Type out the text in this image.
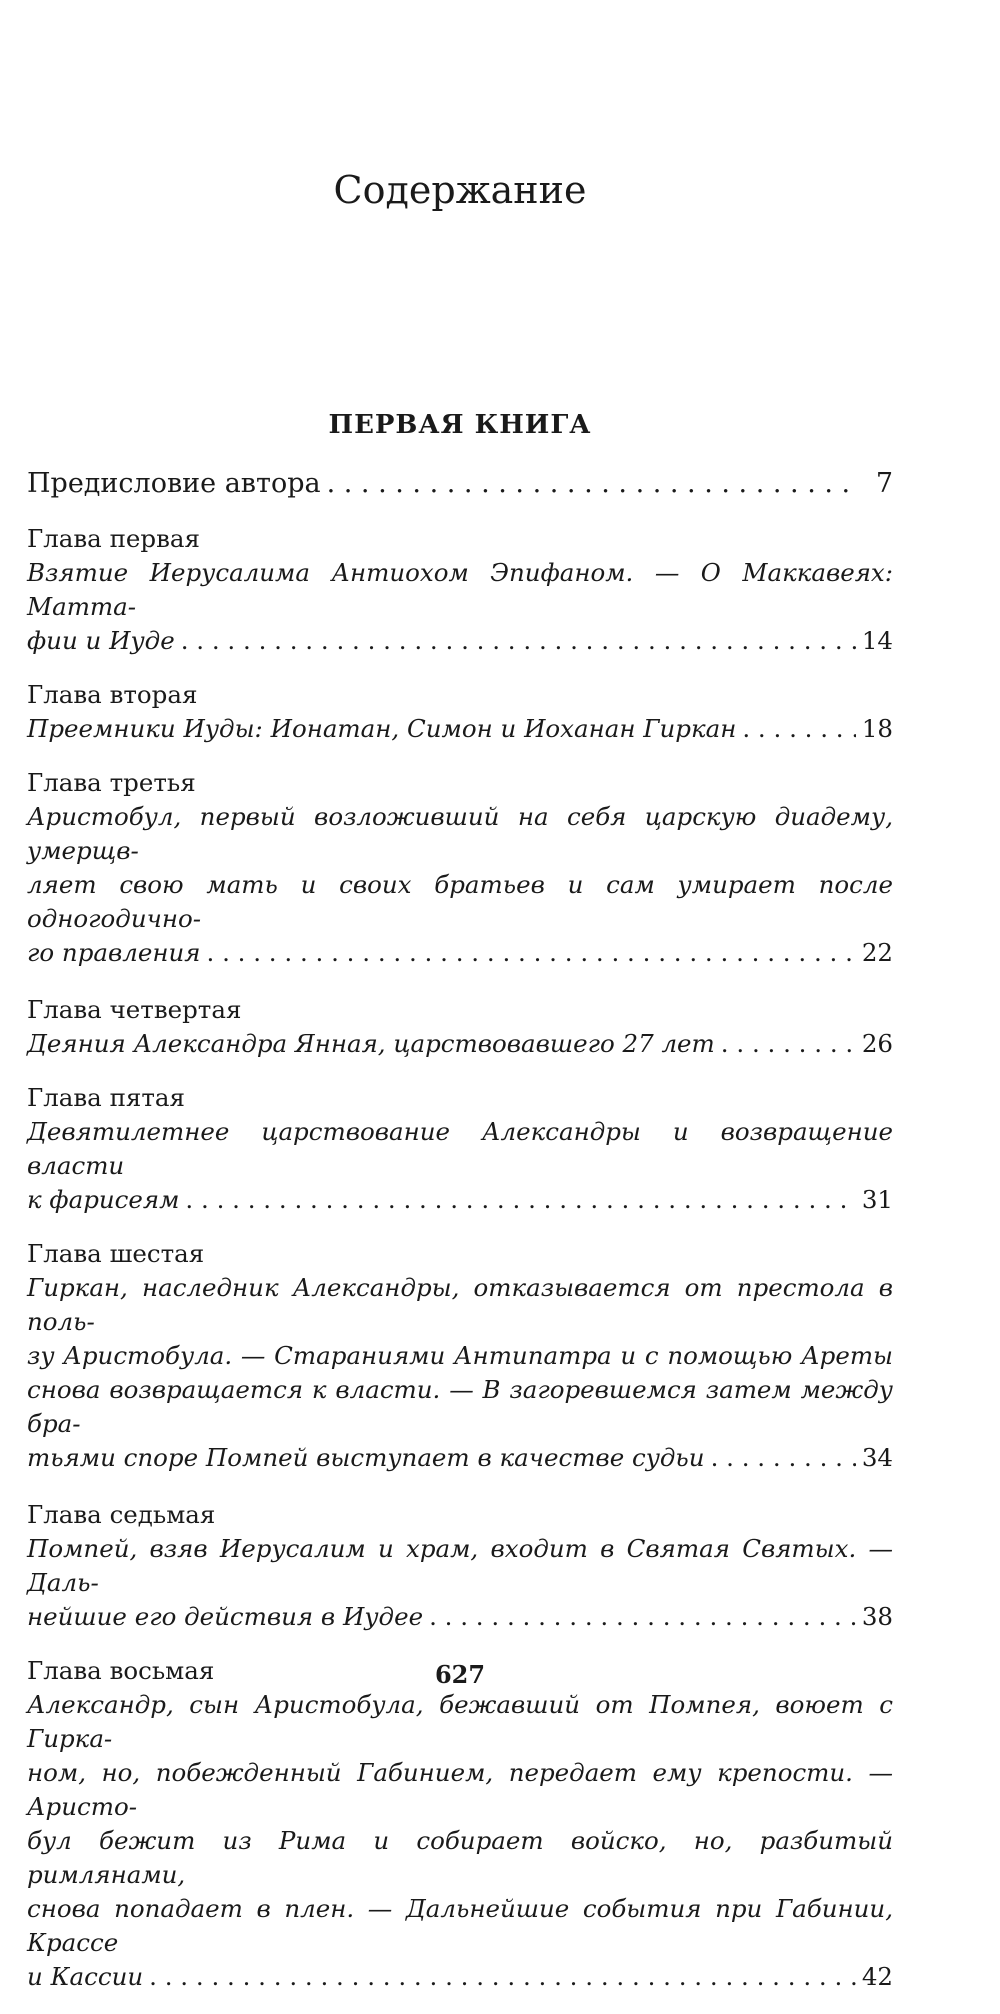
Содержание
ПЕРВАЯ КНИГА
Предисловие автора . . .	7
Глава первая
Взятие Иерусалима Антиохом Эпифаном. — О Маккавеях: Матта-
фии и Иуде . . .	14
Глава вторая
Преемники Иуды: Ионатан, Симон и Иоханан Гиркан . . .	18
Глава третья
Аристобул, первый возложивший на себя царскую диадему, умерщв-
ляет свою мать и своих братьев и сам умирает после одногодично-
го правления . . .	22
Глава четвертая
Деяния Александра Янная, царствовавшего 27 лет . . .	26
Глава пятая
Девятилетнее царствование Александры и возвращение власти
к фарисеям . . .	31
Глава шестая
Гиркан, наследник Александры, отказывается от престола в поль-
зу Аристобула. — Стараниями Антипатра и с помощью Ареты
снова возвращается к власти. — В загоревшемся затем между бра-
тьями споре Помпей выступает в качестве судьи . . .	34
Глава седьмая
Помпей, взяв Иерусалим и храм, входит в Святая Святых. — Даль-
нейшие его действия в Иудее . . .	38
Глава восьмая
Александр, сын Аристобула, бежавший от Помпея, воюет с Гирка-
ном, но, побежденный Габинием, передает ему крепости. — Аристо-
бул бежит из Рима и собирает войско, но, разбитый римлянами,
снова попадает в плен. — Дальнейшие события при Габинии, Крассе
и Кассии . . .	42
627
